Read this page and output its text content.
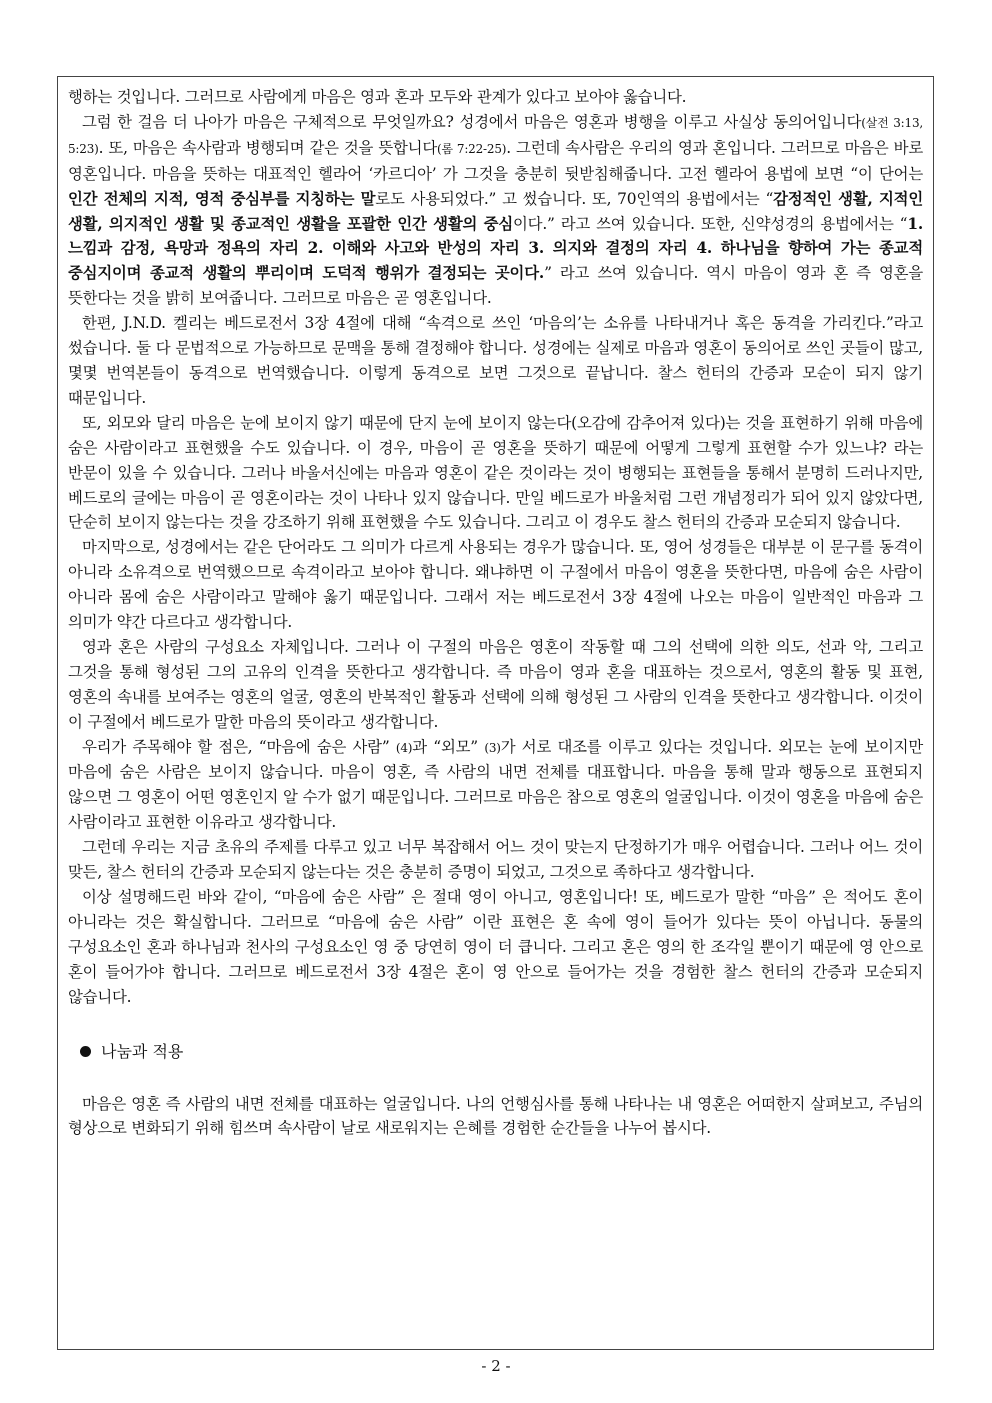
행하는 것입니다. 그러므로 사람에게 마음은 영과 혼과 모두와 관계가 있다고 보아야 옳습니다.

그럼 한 걸음 더 나아가 마음은 구체적으로 무엇일까요? 성경에서 마음은 영혼과 병행을 이루고 사실상 동의어입니다(살전 3:13, 5:23). 또, 마음은 속사람과 병행되며 같은 것을 뜻합니다(롬 7:22-25). 그런데 속사람은 우리의 영과 혼입니다. 그러므로 마음은 바로 영혼입니다. 마음을 뜻하는 대표적인 헬라어 ‘카르디아’ 가 그것을 충분히 뒷받침해줍니다. 고전 헬라어 용법에 보면 “이 단어는 인간 전체의 지적, 영적 중심부를 지칭하는 말로도 사용되었다.” 고 썼습니다. 또, 70인역의 용법에서는 “감정적인 생활, 지적인 생활, 의지적인 생활 및 종교적인 생활을 포괄한 인간 생활의 중심이다.” 라고 쓰여 있습니다. 또한, 신약성경의 용법에서는 “1. 느낌과 감정, 욕망과 정욕의 자리 2. 이해와 사고와 반성의 자리 3. 의지와 결정의 자리 4. 하나님을 향하여 가는 종교적 중심지이며 종교적 생활의 뿌리이며 도덕적 행위가 결정되는 곳이다.” 라고 쓰여 있습니다. 역시 마음이 영과 혼 즉 영혼을 뜻한다는 것을 밝히 보여줍니다. 그러므로 마음은 곧 영혼입니다.

한편, J.N.D. 켈리는 베드로전서 3장 4절에 대해 “속격으로 쓰인 ‘마음의’는 소유를 나타내거나 혹은 동격을 가리킨다.”라고 썼습니다. 둘 다 문법적으로 가능하므로 문맥을 통해 결정해야 합니다. 성경에는 실제로 마음과 영혼이 동의어로 쓰인 곳들이 많고, 몇몇 번역본들이 동격으로 번역했습니다. 이렇게 동격으로 보면 그것으로 끝납니다. 찰스 헌터의 간증과 모순이 되지 않기 때문입니다.

또, 외모와 달리 마음은 눈에 보이지 않기 때문에 단지 눈에 보이지 않는다(오감에 감추어져 있다)는 것을 표현하기 위해 마음에 숨은 사람이라고 표현했을 수도 있습니다. 이 경우, 마음이 곧 영혼을 뜻하기 때문에 어떻게 그렇게 표현할 수가 있느냐? 라는 반문이 있을 수 있습니다. 그러나 바울서신에는 마음과 영혼이 같은 것이라는 것이 병행되는 표현들을 통해서 분명히 드러나지만, 베드로의 글에는 마음이 곧 영혼이라는 것이 나타나 있지 않습니다. 만일 베드로가 바울처럼 그런 개념정리가 되어 있지 않았다면, 단순히 보이지 않는다는 것을 강조하기 위해 표현했을 수도 있습니다. 그리고 이 경우도 찰스 헌터의 간증과 모순되지 않습니다.

마지막으로, 성경에서는 같은 단어라도 그 의미가 다르게 사용되는 경우가 많습니다. 또, 영어 성경들은 대부분 이 문구를 동격이 아니라 소유격으로 번역했으므로 속격이라고 보아야 합니다. 왜냐하면 이 구절에서 마음이 영혼을 뜻한다면, 마음에 숨은 사람이 아니라 몸에 숨은 사람이라고 말해야 옳기 때문입니다. 그래서 저는 베드로전서 3장 4절에 나오는 마음이 일반적인 마음과 그 의미가 약간 다르다고 생각합니다.

영과 혼은 사람의 구성요소 자체입니다. 그러나 이 구절의 마음은 영혼이 작동할 때 그의 선택에 의한 의도, 선과 악, 그리고 그것을 통해 형성된 그의 고유의 인격을 뜻한다고 생각합니다. 즉 마음이 영과 혼을 대표하는 것으로서, 영혼의 활동 및 표현, 영혼의 속내를 보여주는 영혼의 얼굴, 영혼의 반복적인 활동과 선택에 의해 형성된 그 사람의 인격을 뜻한다고 생각합니다. 이것이 이 구절에서 베드로가 말한 마음의 뜻이라고 생각합니다.

우리가 주목해야 할 점은, “마음에 숨은 사람” (4)과 “외모” (3)가 서로 대조를 이루고 있다는 것입니다. 외모는 눈에 보이지만 마음에 숨은 사람은 보이지 않습니다. 마음이 영혼, 즉 사람의 내면 전체를 대표합니다. 마음을 통해 말과 행동으로 표현되지 않으면 그 영혼이 어떤 영혼인지 알 수가 없기 때문입니다. 그러므로 마음은 참으로 영혼의 얼굴입니다. 이것이 영혼을 마음에 숨은 사람이라고 표현한 이유라고 생각합니다.

그런데 우리는 지금 초유의 주제를 다루고 있고 너무 복잡해서 어느 것이 맞는지 단정하기가 매우 어렵습니다. 그러나 어느 것이 맞든, 찰스 헌터의 간증과 모순되지 않는다는 것은 충분히 증명이 되었고, 그것으로 족하다고 생각합니다.

이상 설명해드린 바와 같이, “마음에 숨은 사람” 은 절대 영이 아니고, 영혼입니다! 또, 베드로가 말한 “마음” 은 적어도 혼이 아니라는 것은 확실합니다. 그러므로 “마음에 숨은 사람” 이란 표현은 혼 속에 영이 들어가 있다는 뜻이 아닙니다. 동물의 구성요소인 혼과 하나님과 천사의 구성요소인 영 중 당연히 영이 더 큽니다. 그리고 혼은 영의 한 조각일 뿐이기 때문에 영 안으로 혼이 들어가야 합니다. 그러므로 베드로전서 3장 4절은 혼이 영 안으로 들어가는 것을 경험한 찰스 헌터의 간증과 모순되지 않습니다.

나눔과 적용

마음은 영혼 즉 사람의 내면 전체를 대표하는 얼굴입니다. 나의 언행심사를 통해 나타나는 내 영혼은 어떠한지 살펴보고, 주님의 형상으로 변화되기 위해 힘쓰며 속사람이 날로 새로워지는 은혜를 경험한 순간들을 나누어 봅시다.

- 2 -
